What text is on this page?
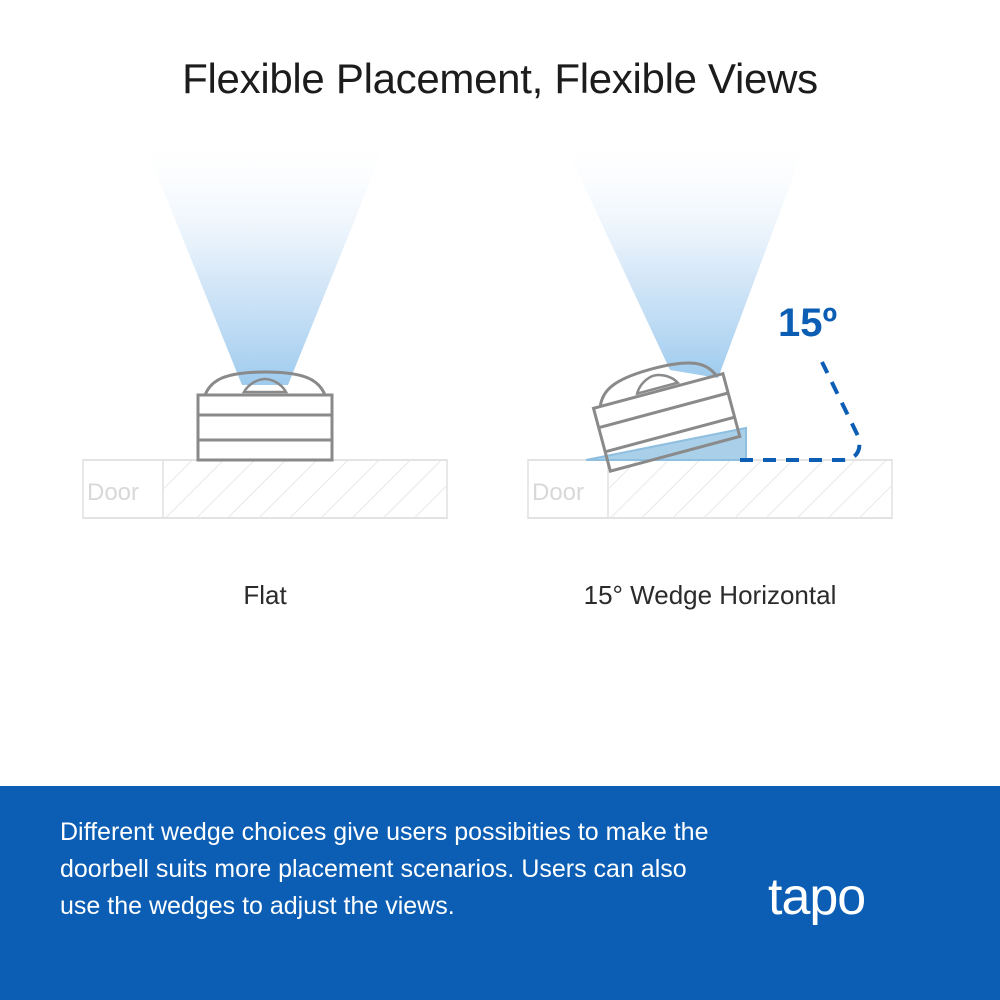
Flexible Placement, Flexible Views
Door
Flat
Door
15º
15° Wedge Horizontal
Different wedge choices give users possibities to make the doorbell suits more placement scenarios. Users can also use the wedges to adjust the views.	tapo
